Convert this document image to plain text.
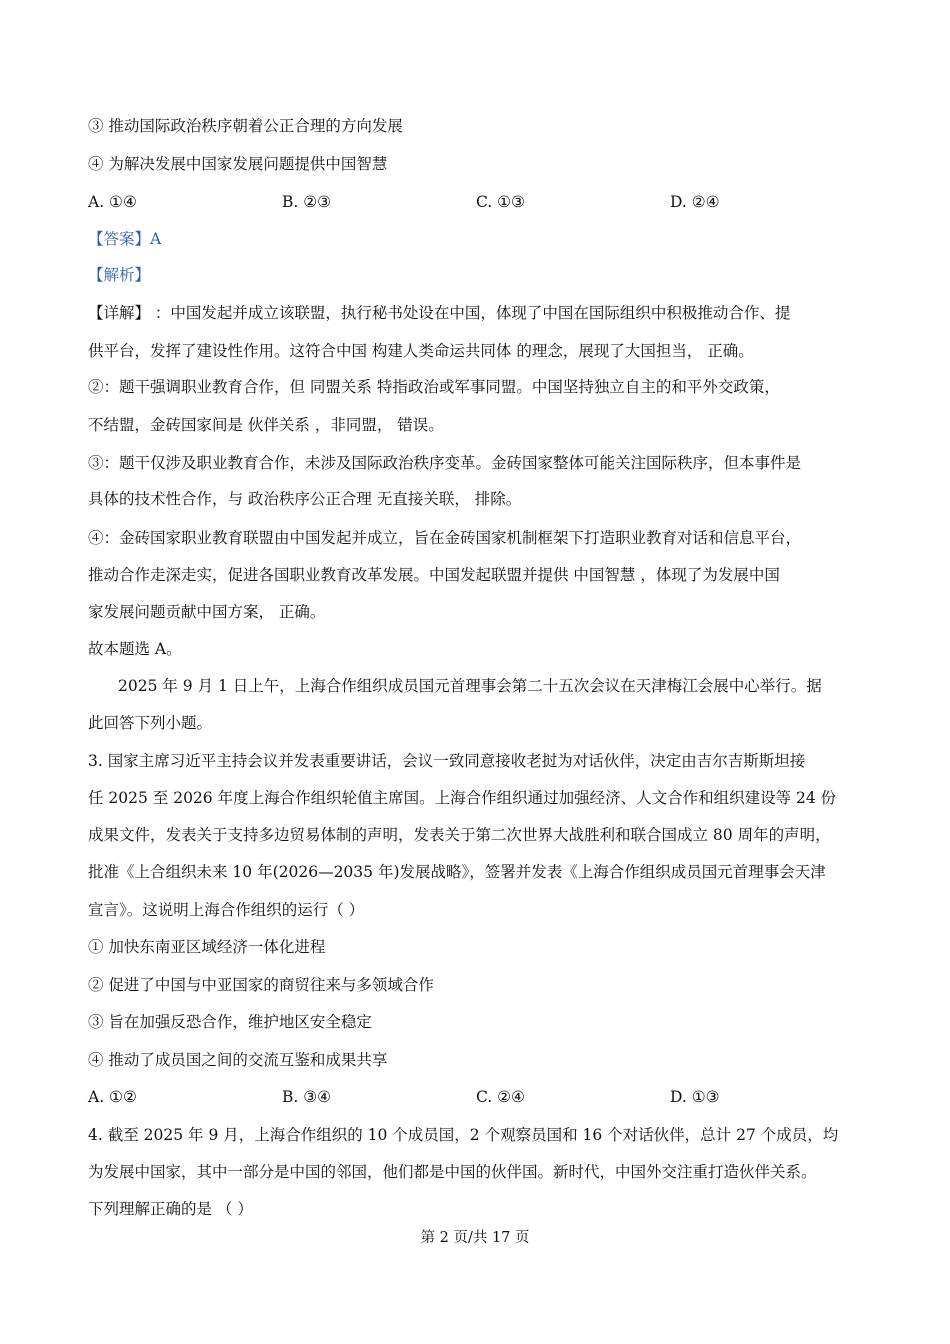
③ 推动国际政治秩序朝着公正合理的方向发展
④ 为解决发展中国家发展问题提供中国智慧
A. ①④	B. ②③	C. ①③	D. ②④
【答案】A
【解析】
【详解】 ：中国发起并成立该联盟，执行秘书处设在中国，体现了中国在国际组织中积极推动合作、提
供平台，发挥了建设性作用。这符合中国 构建人类命运共同体 的理念，展现了大国担当， 正确。
②：题干强调职业教育合作，但 同盟关系 特指政治或军事同盟。中国坚持独立自主的和平外交政策，
不结盟，金砖国家间是 伙伴关系 ，非同盟， 错误。
③：题干仅涉及职业教育合作，未涉及国际政治秩序变革。金砖国家整体可能关注国际秩序，但本事件是
具体的技术性合作，与 政治秩序公正合理 无直接关联， 排除。
④：金砖国家职业教育联盟由中国发起并成立，旨在金砖国家机制框架下打造职业教育对话和信息平台，
推动合作走深走实，促进各国职业教育改革发展。中国发起联盟并提供 中国智慧 ，体现了为发展中国
家发展问题贡献中国方案， 正确。
故本题选 A。
2025 年 9 月 1 日上午，上海合作组织成员国元首理事会第二十五次会议在天津梅江会展中心举行。据
此回答下列小题。
3. 国家主席习近平主持会议并发表重要讲话，会议一致同意接收老挝为对话伙伴，决定由吉尔吉斯斯坦接
任 2025 至 2026 年度上海合作组织轮值主席国。上海合作组织通过加强经济、人文合作和组织建设等 24 份
成果文件，发表关于支持多边贸易体制的声明，发表关于第二次世界大战胜利和联合国成立 80 周年的声明，
批准《上合组织未来 10 年(2026—2035 年)发展战略》，签署并发表《上海合作组织成员国元首理事会天津
宣言》。这说明上海合作组织的运行（ ）
① 加快东南亚区域经济一体化进程
② 促进了中国与中亚国家的商贸往来与多领域合作
③ 旨在加强反恐合作，维护地区安全稳定
④ 推动了成员国之间的交流互鉴和成果共享
A. ①②	B. ③④	C. ②④	D. ①③
4. 截至 2025 年 9 月，上海合作组织的 10 个成员国，2 个观察员国和 16 个对话伙伴，总计 27 个成员，均
为发展中国家，其中一部分是中国的邻国，他们都是中国的伙伴国。新时代，中国外交注重打造伙伴关系。
下列理解正确的是 （ ）
第 2 页/共 17 页
